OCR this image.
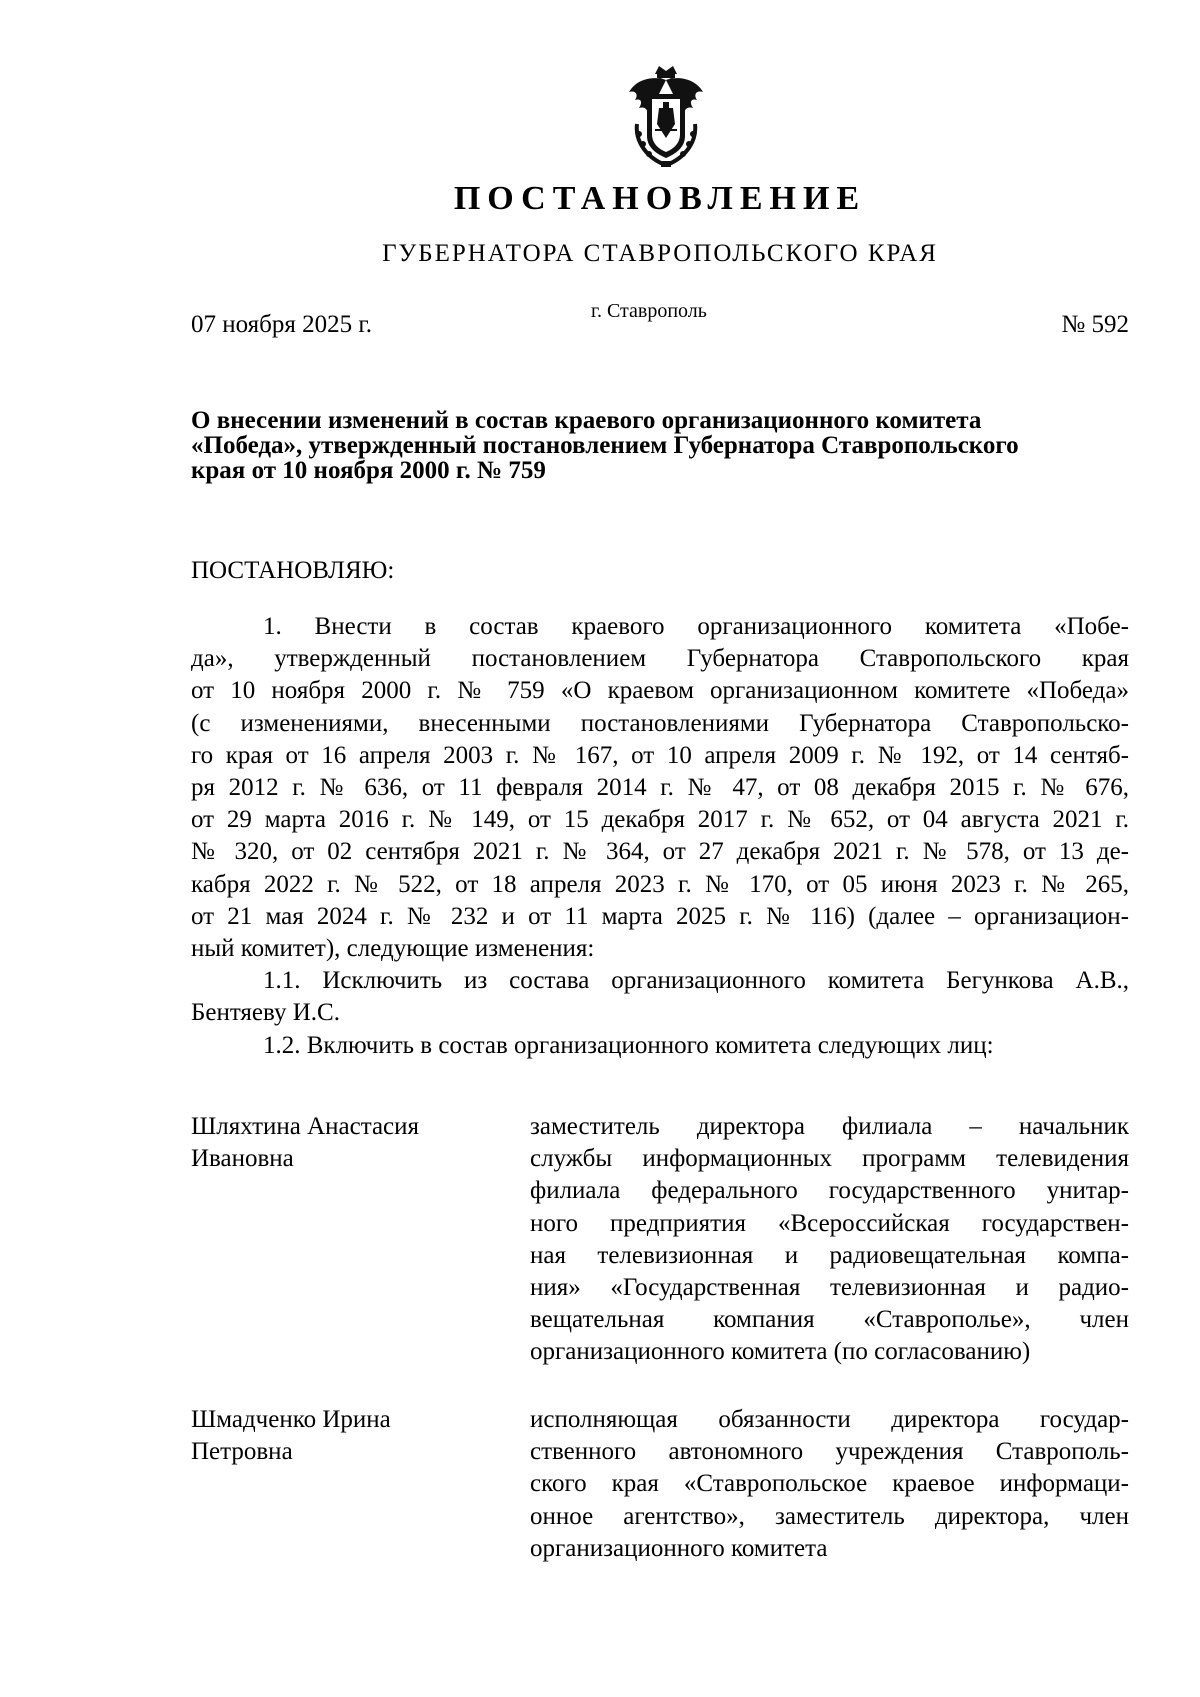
ПОСТАНОВЛЕНИЕ
ГУБЕРНАТОРА СТАВРОПОЛЬСКОГО КРАЯ
07 ноября 2025 г.	г. Ставрополь	№ 592
О внесении изменений в состав краевого организационного комитета
«Победа», утвержденный постановлением Губернатора Ставропольского
края от 10 ноября 2000 г. № 759
ПОСТАНОВЛЯЮ:
1. Внести в состав краевого организационного комитета «Побе-
да», утвержденный постановлением Губернатора Ставропольского края
от 10 ноября 2000 г. № 759 «О краевом организационном комитете «Победа»
(с изменениями, внесенными постановлениями Губернатора Ставропольско-
го края от 16 апреля 2003 г. № 167, от 10 апреля 2009 г. № 192, от 14 сентяб-
ря 2012 г. № 636, от 11 февраля 2014 г. № 47, от 08 декабря 2015 г. № 676,
от 29 марта 2016 г. № 149, от 15 декабря 2017 г. № 652, от 04 августа 2021 г.
№ 320, от 02 сентября 2021 г. № 364, от 27 декабря 2021 г. № 578, от 13 де-
кабря 2022 г. № 522, от 18 апреля 2023 г. № 170, от 05 июня 2023 г. № 265,
от 21 мая 2024 г. № 232 и от 11 марта 2025 г. № 116) (далее – организацион-
ный комитет), следующие изменения:
1.1. Исключить из состава организационного комитета Бегункова А.В.,
Бентяеву И.С.
1.2. Включить в состав организационного комитета следующих лиц:
Шляхтина Анастасия
Ивановна
заместитель директора филиала – начальник
службы информационных программ телевидения
филиала федерального государственного унитар-
ного предприятия «Всероссийская государствен-
ная телевизионная и радиовещательная компа-
ния» «Государственная телевизионная и радио-
вещательная компания «Ставрополье», член
организационного комитета (по согласованию)
Шмадченко Ирина
Петровна
исполняющая обязанности директора государ-
ственного автономного учреждения Ставрополь-
ского края «Ставропольское краевое информаци-
онное агентство», заместитель директора, член
организационного комитета
